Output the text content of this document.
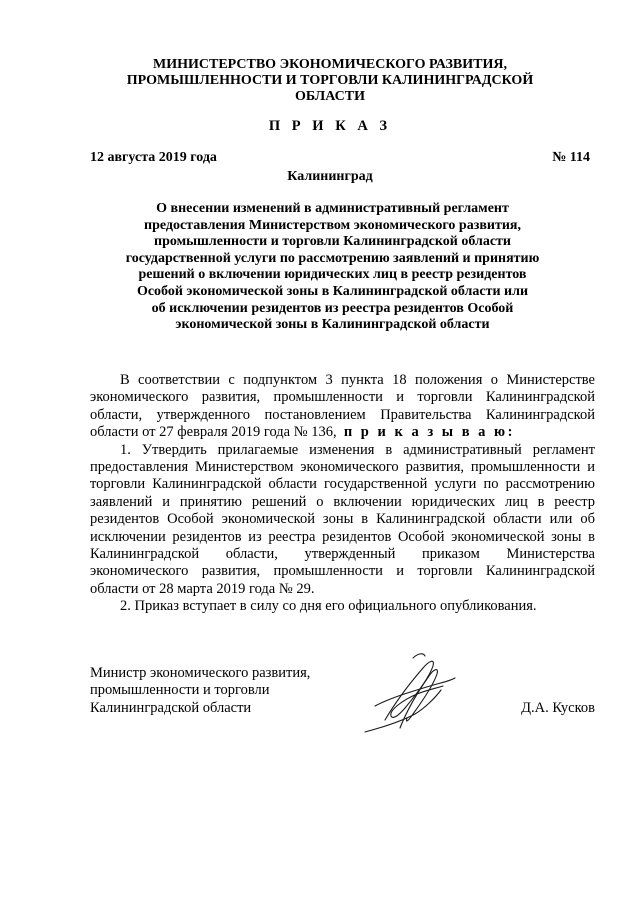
МИНИСТЕРСТВО ЭКОНОМИЧЕСКОГО РАЗВИТИЯ,
ПРОМЫШЛЕННОСТИ И ТОРГОВЛИ КАЛИНИНГРАДСКОЙ ОБЛАСТИ
П Р И К А З
12 августа 2019 года	№ 114
Калининград
О внесении изменений в административный регламент
предоставления Министерством экономического развития,
промышленности и торговли Калининградской области
государственной услуги по рассмотрению заявлений и принятию
решений о включении юридических лиц в реестр резидентов
Особой экономической зоны в Калининградской области или
об исключении резидентов из реестра резидентов Особой
экономической зоны в Калининградской области

В соответствии с подпунктом 3 пункта 18 положения о Министерстве экономического развития, промышленности и торговли Калининградской области, утвержденного постановлением Правительства Калининградской области от 27 февраля 2019 года № 136, п р и к а з ы в а ю:

1. Утвердить прилагаемые изменения в административный регламент предоставления Министерством экономического развития, промышленности и торговли Калининградской области государственной услуги по рассмотрению заявлений и принятию решений о включении юридических лиц в реестр резидентов Особой экономической зоны в Калининградской области или об исключении резидентов из реестра резидентов Особой экономической зоны в Калининградской области, утвержденный приказом Министерства экономического развития, промышленности и торговли Калининградской области от 28 марта 2019 года № 29.

2. Приказ вступает в силу со дня его официального опубликования.

Министр экономического развития,
промышленности и торговли
Калининградской области	Д.А. Кусков
